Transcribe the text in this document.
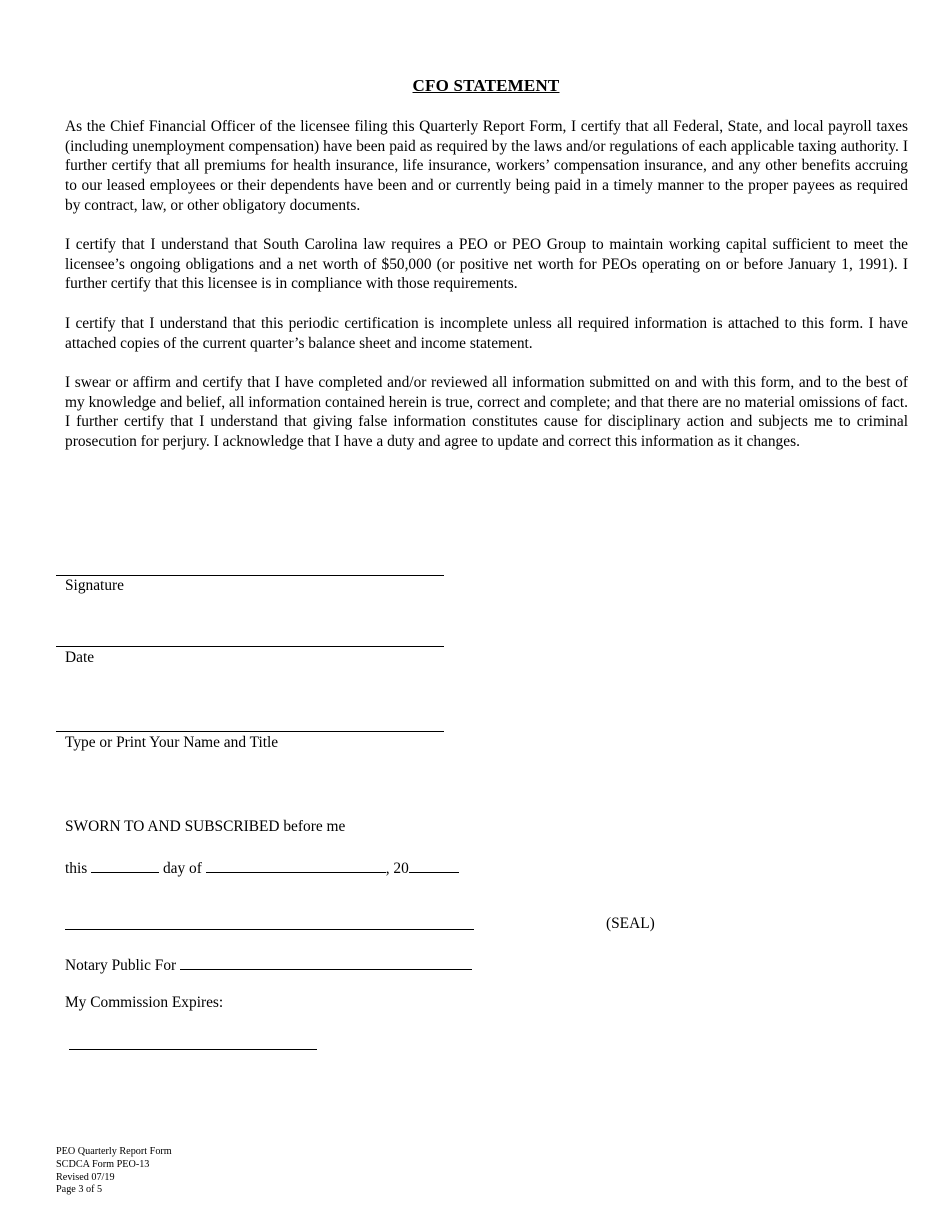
CFO STATEMENT

As the Chief Financial Officer of the licensee filing this Quarterly Report Form, I certify that all Federal, State, and local payroll taxes (including unemployment compensation) have been paid as required by the laws and/or regulations of each applicable taxing authority. I further certify that all premiums for health insurance, life insurance, workers’ compensation insurance, and any other benefits accruing to our leased employees or their dependents have been and or currently being paid in a timely manner to the proper payees as required by contract, law, or other obligatory documents.

I certify that I understand that South Carolina law requires a PEO or PEO Group to maintain working capital sufficient to meet the licensee’s ongoing obligations and a net worth of $50,000 (or positive net worth for PEOs operating on or before January 1, 1991). I further certify that this licensee is in compliance with those requirements.

I certify that I understand that this periodic certification is incomplete unless all required information is attached to this form. I have attached copies of the current quarter’s balance sheet and income statement.

I swear or affirm and certify that I have completed and/or reviewed all information submitted on and with this form, and to the best of my knowledge and belief, all information contained herein is true, correct and complete; and that there are no material omissions of fact. I further certify that I understand that giving false information constitutes cause for disciplinary action and subjects me to criminal prosecution for perjury. I acknowledge that I have a duty and agree to update and correct this information as it changes.

Signature
Date
Type or Print Your Name and Title
SWORN TO AND SUBSCRIBED before me
this	day of	, 20
(SEAL)
Notary Public For
My Commission Expires:
PEO Quarterly Report Form
SCDCA Form PEO-13
Revised 07/19
Page 3 of 5
